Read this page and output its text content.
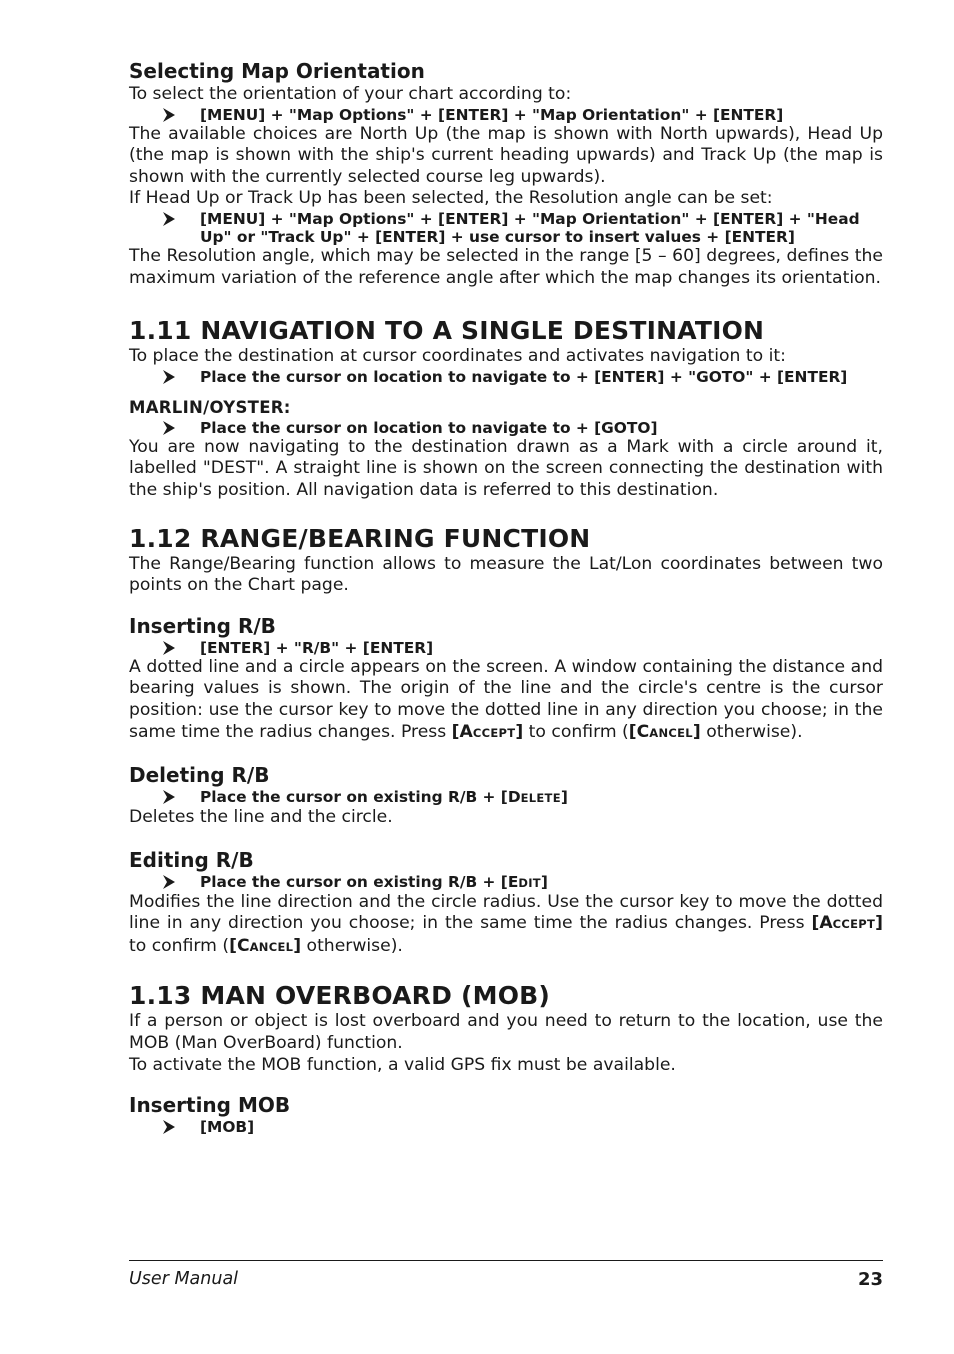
Selecting Map Orientation
To select the orientation of your chart according to:
[MENU] + "Map Options" + [ENTER] + "Map Orientation" + [ENTER]
The available choices are North Up (the map is shown with North upwards), Head Up (the map is shown with the ship's current heading upwards) and Track Up (the map is shown with the currently selected course leg upwards).
If Head Up or Track Up has been selected, the Resolution angle can be set:
[MENU] + "Map Options" + [ENTER] + "Map Orientation" + [ENTER] + "Head Up" or "Track Up" + [ENTER] + use cursor to insert values + [ENTER]
The Resolution angle, which may be selected in the range [5 – 60] degrees, defines the maximum variation of the reference angle after which the map changes its orientation.
1.11 NAVIGATION TO A SINGLE DESTINATION
To place the destination at cursor coordinates and activates navigation to it:
Place the cursor on location to navigate to + [ENTER] + "GOTO" + [ENTER]
MARLIN/OYSTER:
Place the cursor on location to navigate to + [GOTO]
You are now navigating to the destination drawn as a Mark with a circle around it, labelled "DEST". A straight line is shown on the screen connecting the destination with the ship's position. All navigation data is referred to this destination.
1.12 RANGE/BEARING FUNCTION
The Range/Bearing function allows to measure the Lat/Lon coordinates between two points on the Chart page.
Inserting R/B
[ENTER] + "R/B" + [ENTER]
A dotted line and a circle appears on the screen. A window containing the distance and bearing values is shown. The origin of the line and the circle's centre is the cursor position: use the cursor key to move the dotted line in any direction you choose; in the same time the radius changes. Press [ACCEPT] to confirm ([CANCEL] otherwise).
Deleting R/B
Place the cursor on existing R/B + [DELETE]
Deletes the line and the circle.
Editing R/B
Place the cursor on existing R/B + [EDIT]
Modifies the line direction and the circle radius. Use the cursor key to move the dotted line in any direction you choose; in the same time the radius changes. Press [ACCEPT] to confirm ([CANCEL] otherwise).
1.13 MAN OVERBOARD (MOB)
If a person or object is lost overboard and you need to return to the location, use the MOB (Man OverBoard) function.
To activate the MOB function, a valid GPS fix must be available.
Inserting MOB
[MOB]
User Manual	23
